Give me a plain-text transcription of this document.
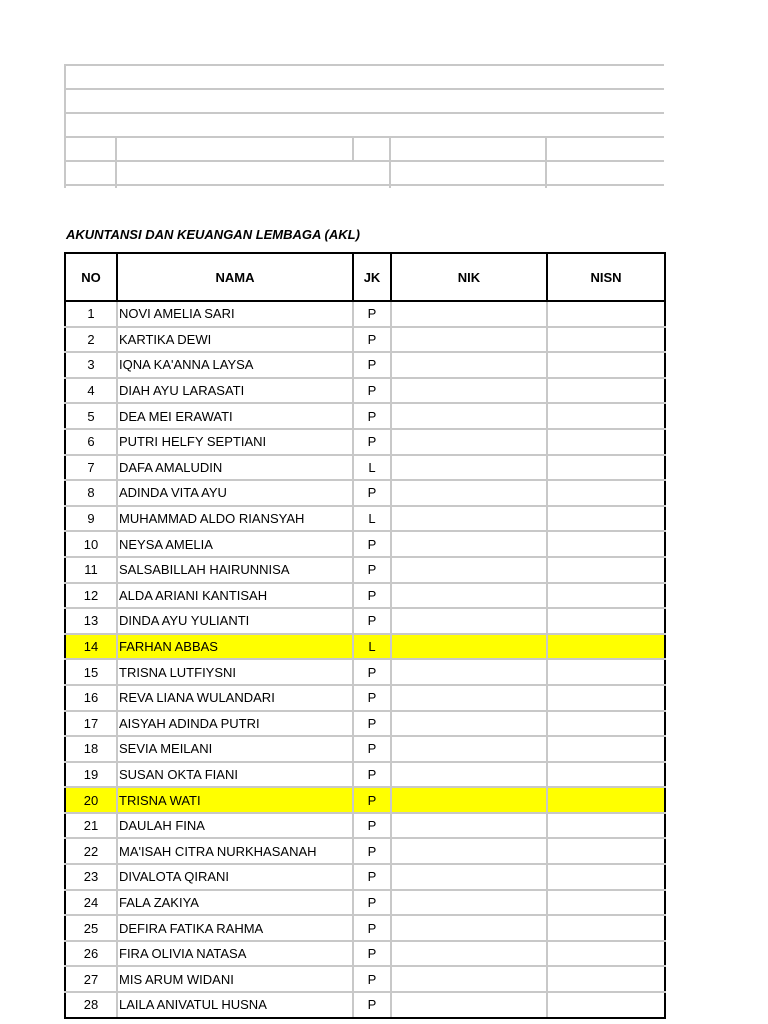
AKUNTANSI DAN KEUANGAN LEMBAGA (AKL)
NO	NAMA	JK	NIK	NISN
1	NOVI AMELIA SARI	P		
2	KARTIKA DEWI	P		
3	IQNA KA'ANNA LAYSA	P		
4	DIAH AYU LARASATI	P		
5	DEA MEI ERAWATI	P		
6	PUTRI HELFY SEPTIANI	P		
7	DAFA AMALUDIN	L		
8	ADINDA VITA AYU	P		
9	MUHAMMAD ALDO RIANSYAH	L		
10	NEYSA AMELIA	P		
11	SALSABILLAH HAIRUNNISA	P		
12	ALDA ARIANI KANTISAH	P		
13	DINDA AYU YULIANTI	P		
14	FARHAN ABBAS	L		
15	TRISNA LUTFIYSNI	P		
16	REVA LIANA WULANDARI	P		
17	AISYAH ADINDA PUTRI	P		
18	SEVIA MEILANI	P		
19	SUSAN OKTA FIANI	P		
20	TRISNA WATI	P		
21	DAULAH FINA	P		
22	MA'ISAH CITRA NURKHASANAH	P		
23	DIVALOTA QIRANI	P		
24	FALA ZAKIYA	P		
25	DEFIRA FATIKA RAHMA	P		
26	FIRA OLIVIA NATASA	P		
27	MIS ARUM WIDANI	P		
28	LAILA ANIVATUL HUSNA	P		
